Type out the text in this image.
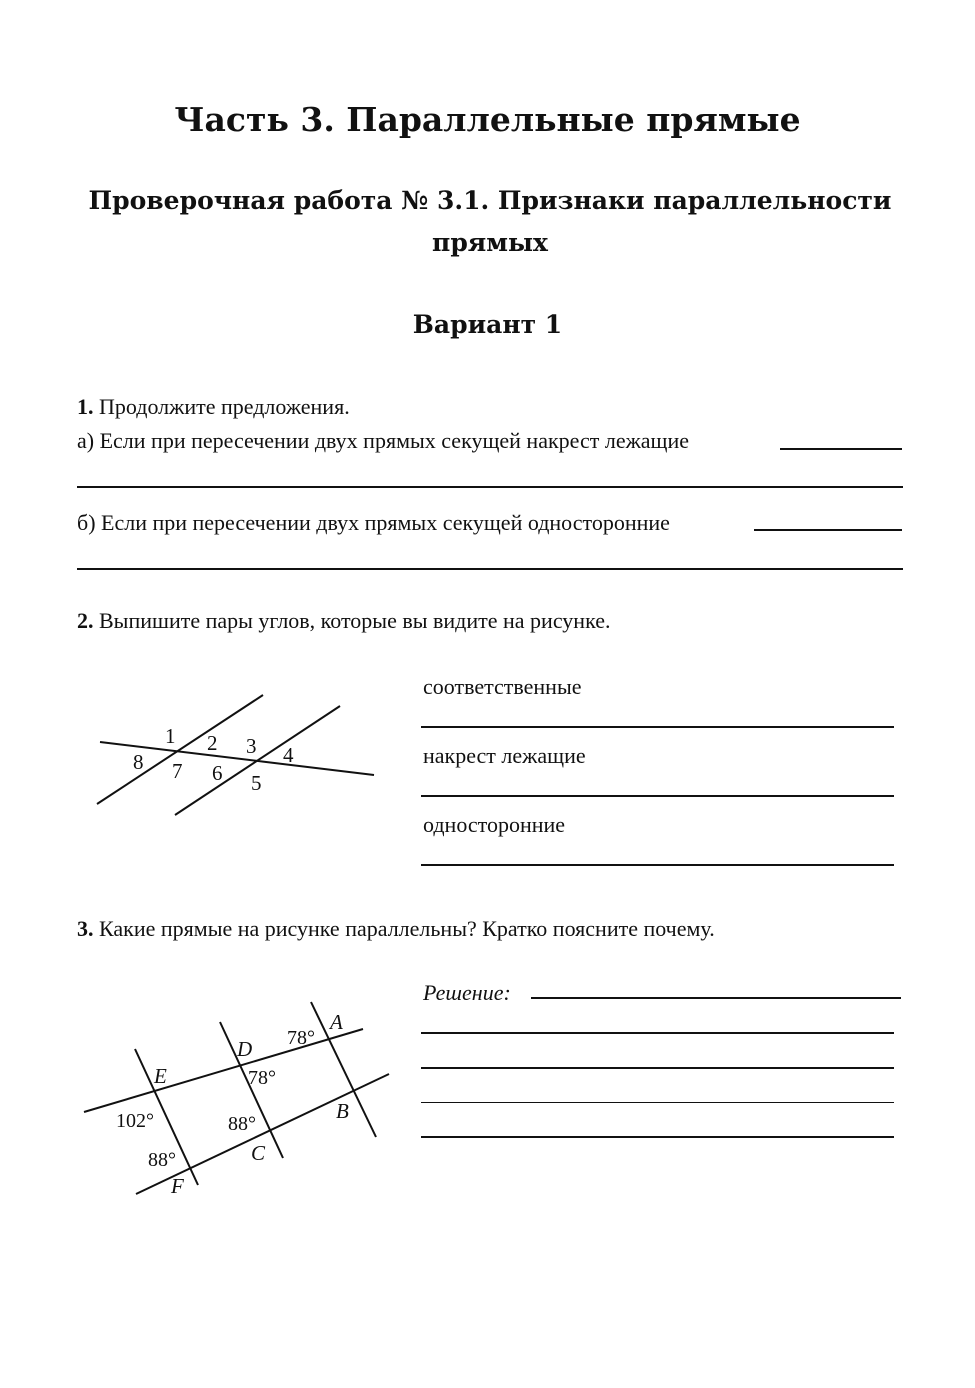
Часть 3. Параллельные прямые
Проверочная работа № 3.1. Признаки параллельности прямых
Вариант 1
1. Продолжите предложения.
а) Если при пересечении двух прямых секущей накрест лежащие
б) Если при пересечении двух прямых секущей односторонние
2. Выпишите пары углов, которые вы видите на рисунке.
1 2 3 4
5
6
7
8
соответственные
накрест лежащие
односторонние
3. Какие прямые на рисунке параллельны? Кратко поясните почему.
A
B
C
D
E
F
78°
78°
102°	88°
88°
Решение:
